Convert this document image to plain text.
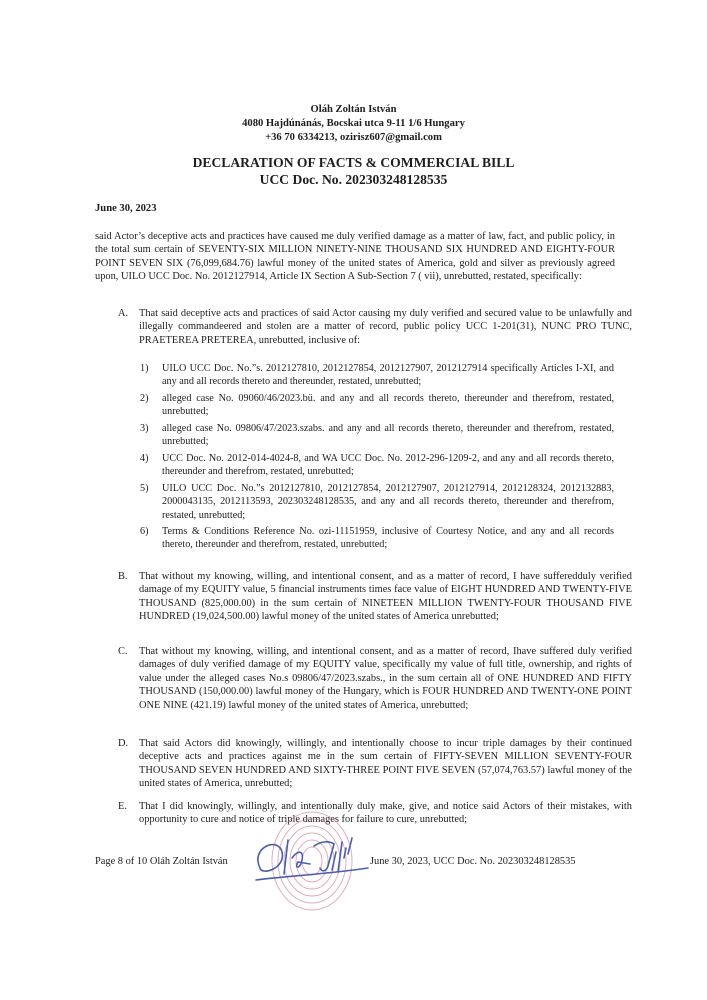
Oláh Zoltán István
4080 Hajdúnánás, Bocskai utca 9-11 1/6 Hungary
+36 70 6334213, ozirisz607@gmail.com
DECLARATION OF FACTS & COMMERCIAL BILL
UCC Doc. No. 202303248128535
June 30, 2023
said Actor’s deceptive acts and practices have caused me duly verified damage as a matter of law, fact, and public policy, in the total sum certain of SEVENTY-SIX MILLION NINETY-NINE THOUSAND SIX HUNDRED AND EIGHTY-FOUR POINT SEVEN SIX (76,099,684.76) lawful money of the united states of America, gold and silver as previously agreed upon, UILO UCC Doc. No. 2012127914, Article IX Section A Sub-Section 7 ( vii), unrebutted, restated, specifically:
A. That said deceptive acts and practices of said Actor causing my duly verified and secured value to be unlawfully and illegally commandeered and stolen are a matter of record, public policy UCC 1-201(31), NUNC PRO TUNC, PRAETEREA PRETEREA, unrebutted, inclusive of:
1) UILO UCC Doc. No.”s. 2012127810, 2012127854, 2012127907, 2012127914 specifically Articles I-XI, and any and all records thereto and thereunder, restated, unrebutted;
2) alleged case No. 09060/46/2023.bü. and any and all records thereto, thereunder and therefrom, restated, unrebutted;
3) alleged case No. 09806/47/2023.szabs. and any and all records thereto, thereunder and therefrom, restated, unrebutted;
4) UCC Doc. No. 2012-014-4024-8, and WA UCC Doc. No. 2012-296-1209-2, and any and all records thereto, thereunder and therefrom, restated, unrebutted;
5) UILO UCC Doc. No.”s 2012127810, 2012127854, 2012127907, 2012127914, 2012128324, 2012132883, 2000043135, 2012113593, 202303248128535, and any and all records thereto, thereunder and therefrom, restated, unrebutted;
6) Terms & Conditions Reference No. ozi-11151959, inclusive of Courtesy Notice, and any and all records thereto, thereunder and therefrom, restated, unrebutted;
B. That without my knowing, willing, and intentional consent, and as a matter of record, I have sufferedduly verified damage of my EQUITY value, 5 financial instruments times face value of EIGHT HUNDRED AND TWENTY-FIVE THOUSAND (825,000.00) in the sum certain of NINETEEN MILLION TWENTY-FOUR THOUSAND FIVE HUNDRED (19,024,500.00) lawful money of the united states of America unrebutted;
C. That without my knowing, willing, and intentional consent, and as a matter of record, Ihave suffered duly verified damages of duly verified damage of my EQUITY value, specifically my value of full title, ownership, and rights of value under the alleged cases No.s 09806/47/2023.szabs., in the sum certain all of ONE HUNDRED AND FIFTY THOUSAND (150,000.00) lawful money of the Hungary, which is FOUR HUNDRED AND TWENTY-ONE POINT ONE NINE (421.19) lawful money of the united states of America, unrebutted;
D. That said Actors did knowingly, willingly, and intentionally choose to incur triple damages by their continued deceptive acts and practices against me in the sum certain of FIFTY-SEVEN MILLION SEVENTY-FOUR THOUSAND SEVEN HUNDRED AND SIXTY-THREE POINT FIVE SEVEN (57,074,763.57) lawful money of the united states of America, unrebutted;
E. That I did knowingly, willingly, and intentionally duly make, give, and notice said Actors of their mistakes, with opportunity to cure and notice of triple damages for failure to cure, unrebutted;
Page 8 of 10 Oláh Zoltán István	June 30, 2023, UCC Doc. No. 202303248128535
